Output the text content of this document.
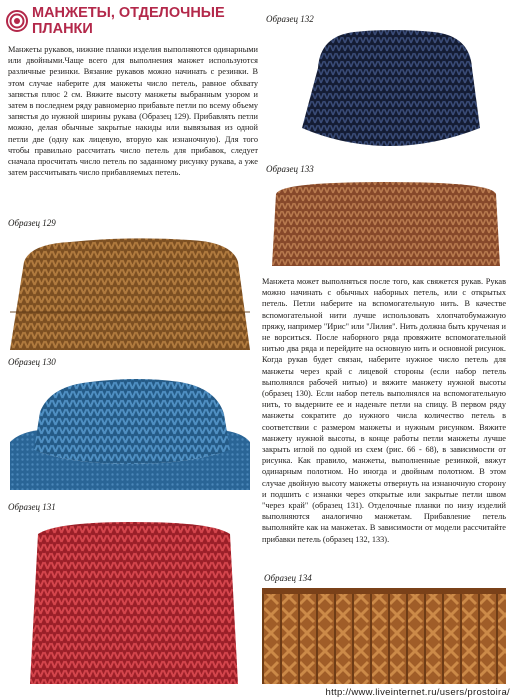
МАНЖЕТЫ, ОТДЕЛОЧНЫЕ ПЛАНКИ

Манжеты рукавов, нижние планки изделия выполняются одинарными или двойными.Чаще всего для выполнения манжет используются различные резинки. Вязание рукавов можно начинать с резинки. В этом случае наберите для манжеты число петель, равное обхвату запястья плюс 2 см. Вяжите высоту манжеты выбранным узором и затем в последнем ряду равномерно прибавьте петли по всему объему запястья до нужной ширины рукава (Образец 129). Прибавлять петли можно, делая обычные закрытые накиды или вывязывая из одной петли две (одну как лицевую, вторую как изнаночную). Для того чтобы правильно рассчитать число петель для прибавок, следует сначала просчитать число петель по заданному рисунку рукава, а уже затем рассчитывать число прибавляемых петель.

Образец 129

Образец 130

Образец 131

Образец 132

Образец 133

Манжета может выполняться после того, как свяжется рукав. Рукав можно начинать с обычных наборных петель, или с открытых петель. Петли наберите на вспомогательную нить. В качестве вспомогательной нити лучше использовать хлопчатобумажную пряжу, например "Ирис" или "Лилия". Нить должна быть крученая и не ворситься. После наборного ряда провяжите вспомогательной нитью два ряда и перейдите на основную нить и основной рисунок. Когда рукав будет связан, наберите нужное число петель для манжеты через край с лицевой стороны (если набор петель выполнялся рабочей нитью) и вяжите манжету нужной высоты (образец 130). Если набор петель выполнялся на вспомогательную нить, то выдерните ее и наденьте петли на спицу. В первом ряду манжеты сократите до нужного числа количество петель в соответствии с размером манжеты и нужным рисунком. Вяжите манжету нужной высоты, в конце работы петли манжеты лучше закрыть иглой по одной из схем (рис. 66 - 68), в зависимости от рисунка. Как правило, манжеты, выполненные резинкой, вяжут одинарным полотном. Но иногда и двойным полотном. В этом случае двойную высоту манжеты отвернуть на изнаночную сторону и подшить с изнанки через открытые или закрытые петли швом "через край" (образец 131). Отделочные планки по низу изделий выполняются аналогично манжетам. Прибавление петель выполняйте как на манжетах. В зависимости от модели рассчитайте прибавки петель (образец 132, 133).

Образец 134

http://www.liveinternet.ru/users/prostoira/
